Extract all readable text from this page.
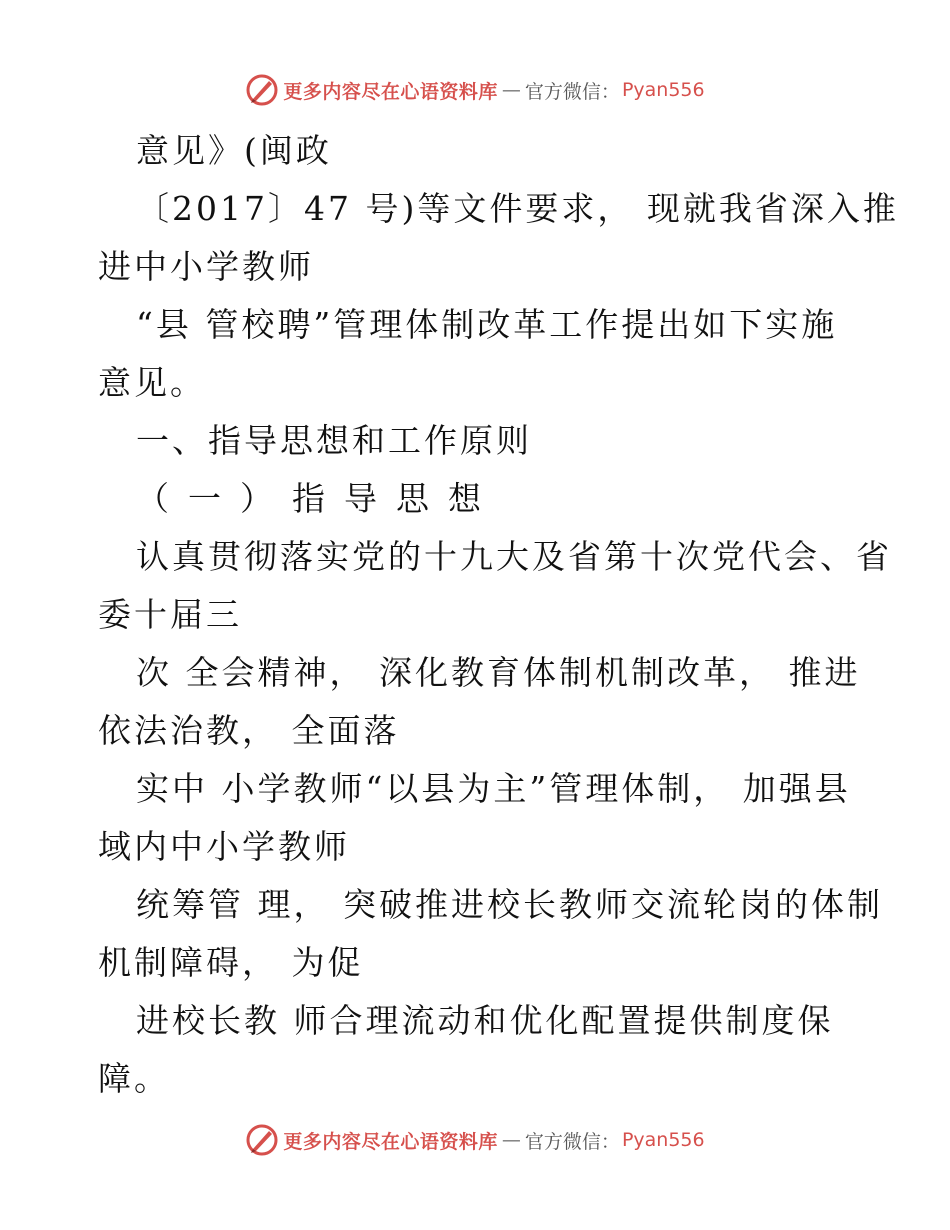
更多内容尽在心语资料库 — 官方微信： Pyan556
意见》(闽政
〔2017〕47 号)等文件要求， 现就我省深入推
进中小学教师
“县 管校聘”管理体制改革工作提出如下实施
意见。
一、指导思想和工作原则
（一）指导思想
认真贯彻落实党的十九大及省第十次党代会、省
委十届三
次 全会精神， 深化教育体制机制改革， 推进
依法治教， 全面落
实中 小学教师“以县为主”管理体制， 加强县
域内中小学教师
统筹管 理， 突破推进校长教师交流轮岗的体制
机制障碍， 为促
进校长教 师合理流动和优化配置提供制度保
障。
更多内容尽在心语资料库 — 官方微信： Pyan556
